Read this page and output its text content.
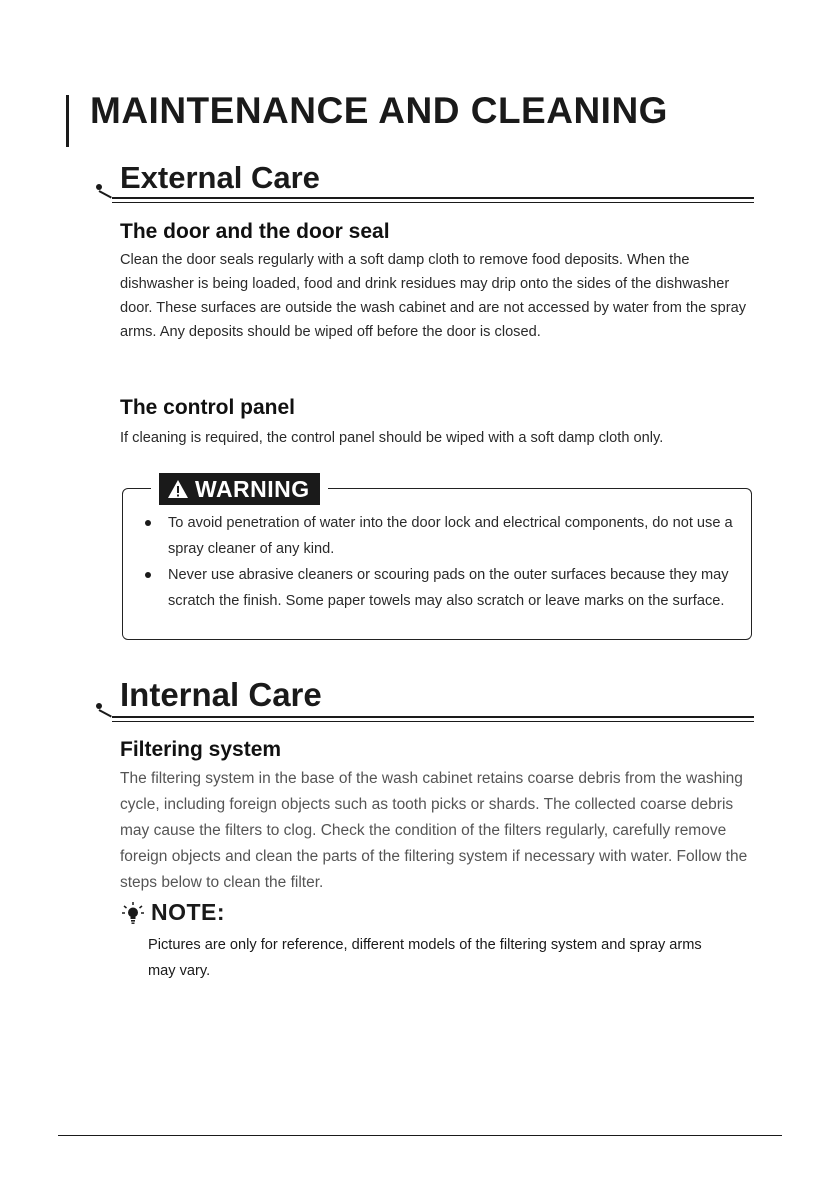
MAINTENANCE AND CLEANING
External Care
The door and the door seal

Clean the door seals regularly with a soft damp cloth to remove food deposits. When the dishwasher is being loaded, food and drink residues may drip onto the sides of the dishwasher door. These surfaces are outside the wash cabinet and are not accessed by water from the spray arms. Any deposits should be wiped off before the door is closed.

The control panel

If cleaning is required, the control panel should be wiped with a soft damp cloth only.

WARNING
To avoid penetration of water into the door lock and electrical components, do not use a spray cleaner of any kind.
Never use abrasive cleaners or scouring pads on the outer surfaces because they may scratch the finish. Some paper towels may also scratch or leave marks on the surface.
Internal Care
Filtering system

The filtering system in the base of the wash cabinet retains coarse debris from the washing cycle, including foreign objects such as tooth picks or shards. The collected coarse debris may cause the filters to clog. Check the condition of the filters regularly, carefully remove foreign objects and clean the parts of the filtering system if necessary with water. Follow the steps below to clean the filter.

NOTE:

Pictures are only for reference, different models of the filtering system and spray arms may vary.
